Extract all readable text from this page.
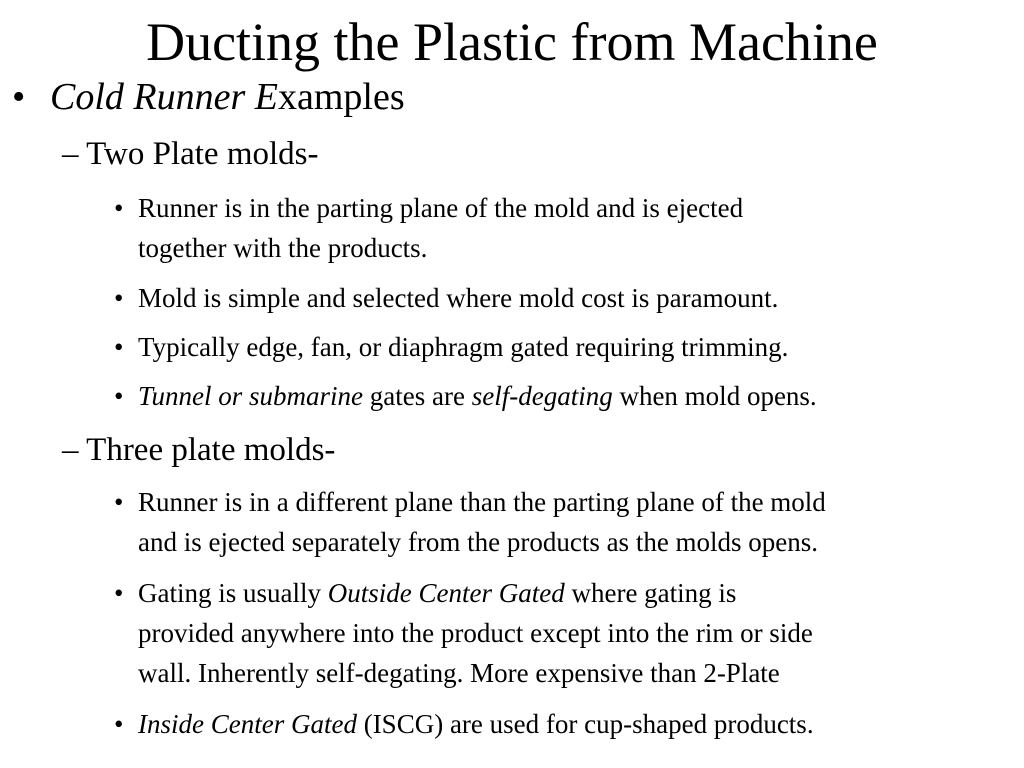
Ducting the Plastic from Machine
• Cold Runner Examples
– Two Plate molds-
• Runner is in the parting plane of the mold and is ejected
together with the products.
• Mold is simple and selected where mold cost is paramount.
• Typically edge, fan, or diaphragm gated requiring trimming.
• Tunnel or submarine gates are self-degating when mold opens.
– Three plate molds-
• Runner is in a different plane than the parting plane of the mold
and is ejected separately from the products as the molds opens.
• Gating is usually Outside Center Gated where gating is
provided anywhere into the product except into the rim or side
wall. Inherently self-degating. More expensive than 2-Plate
• Inside Center Gated (ISCG) are used for cup-shaped products.
